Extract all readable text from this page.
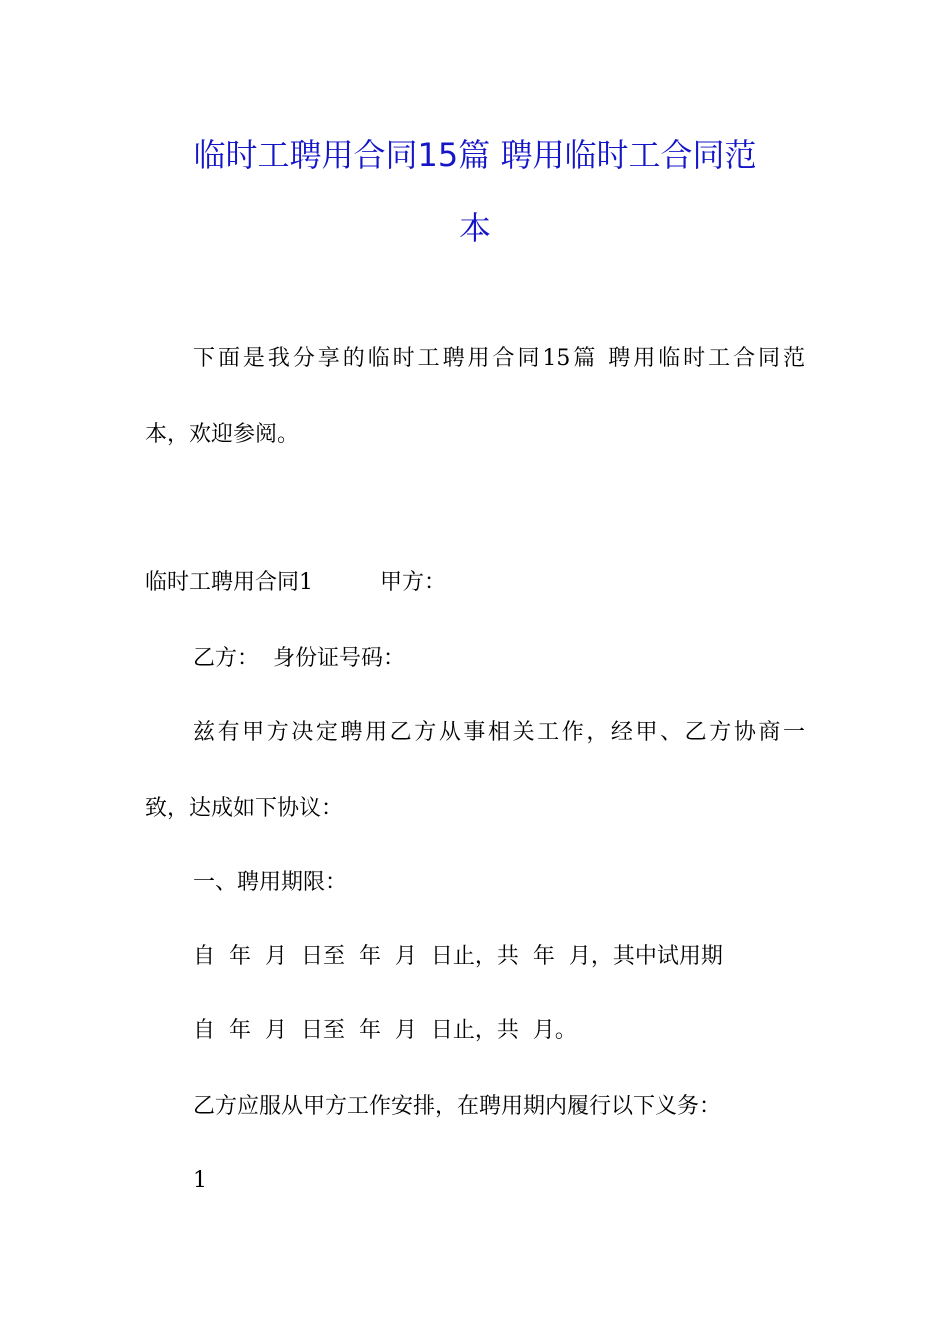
临时工聘用合同15篇 聘用临时工合同范
本

下面是我分享的临时工聘用合同15篇 聘用临时工合同范

本，欢迎参阅。

临时工聘用合同1	甲方：

乙方：  身份证号码：

兹有甲方决定聘用乙方从事相关工作，经甲、乙方协商一

致，达成如下协议：

一、聘用期限：

自  年  月  日至  年  月  日止，共  年  月，其中试用期

自  年  月  日至  年  月  日止，共  月。

乙方应服从甲方工作安排，在聘用期内履行以下义务：

1
